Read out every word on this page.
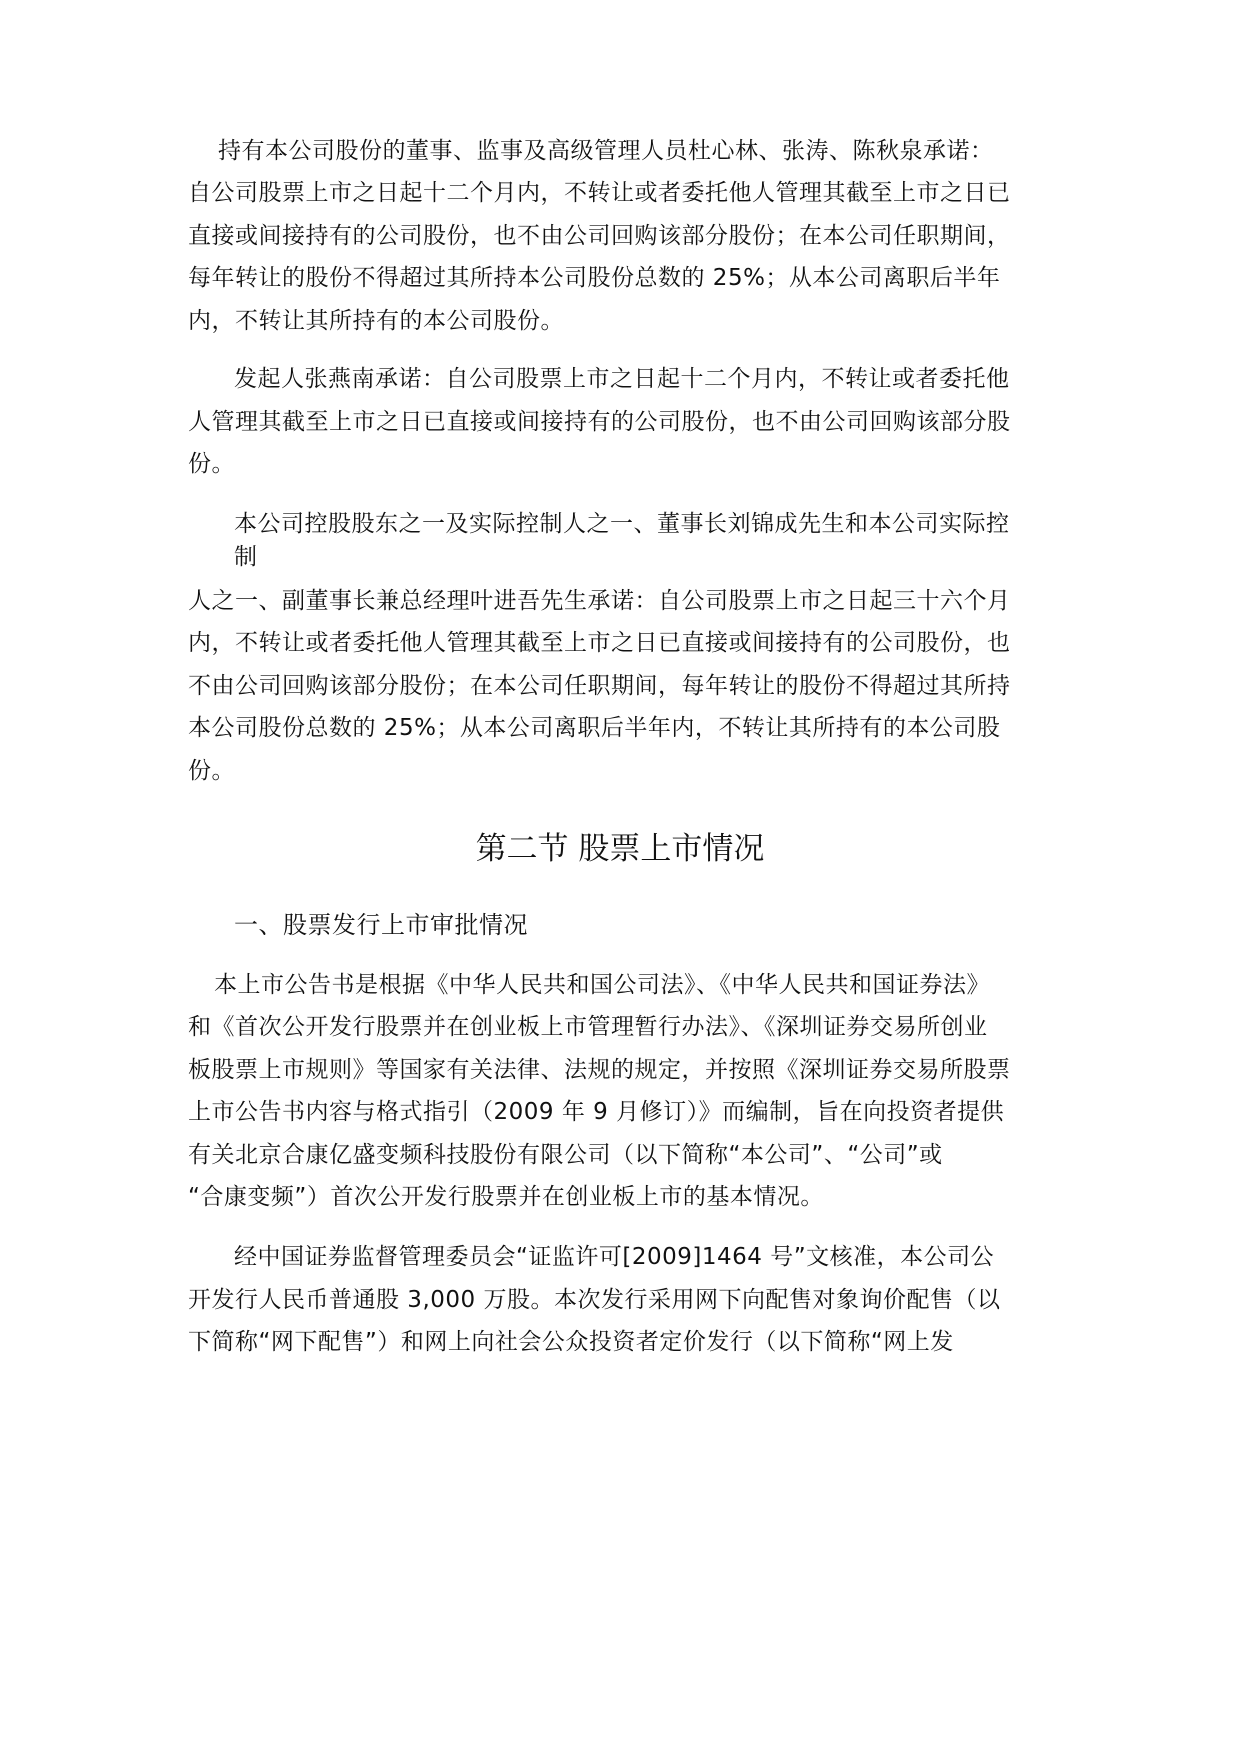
持有本公司股份的董事、监事及高级管理人员杜心林、张涛、陈秋泉承诺：
自公司股票上市之日起十二个月内，不转让或者委托他人管理其截至上市之日已
直接或间接持有的公司股份，也不由公司回购该部分股份；在本公司任职期间，
每年转让的股份不得超过其所持本公司股份总数的 25%；从本公司离职后半年
内，不转让其所持有的本公司股份。
发起人张燕南承诺：自公司股票上市之日起十二个月内，不转让或者委托他
人管理其截至上市之日已直接或间接持有的公司股份，也不由公司回购该部分股
份。
本公司控股股东之一及实际控制人之一、董事长刘锦成先生和本公司实际控
制
人之一、副董事长兼总经理叶进吾先生承诺：自公司股票上市之日起三十六个月
内，不转让或者委托他人管理其截至上市之日已直接或间接持有的公司股份，也
不由公司回购该部分股份；在本公司任职期间，每年转让的股份不得超过其所持
本公司股份总数的 25%；从本公司离职后半年内，不转让其所持有的本公司股
份。
第二节 股票上市情况
一、股票发行上市审批情况
本上市公告书是根据《中华人民共和国公司法》、《中华人民共和国证券法》
和《首次公开发行股票并在创业板上市管理暂行办法》、《深圳证券交易所创业
板股票上市规则》等国家有关法律、法规的规定，并按照《深圳证券交易所股票
上市公告书内容与格式指引（2009 年 9 月修订）》而编制，旨在向投资者提供
有关北京合康亿盛变频科技股份有限公司（以下简称“本公司”、“公司”或
“合康变频”）首次公开发行股票并在创业板上市的基本情况。
经中国证券监督管理委员会“证监许可[2009]1464 号”文核准，本公司公
开发行人民币普通股 3,000 万股。本次发行采用网下向配售对象询价配售（以
下简称“网下配售”）和网上向社会公众投资者定价发行（以下简称“网上发
